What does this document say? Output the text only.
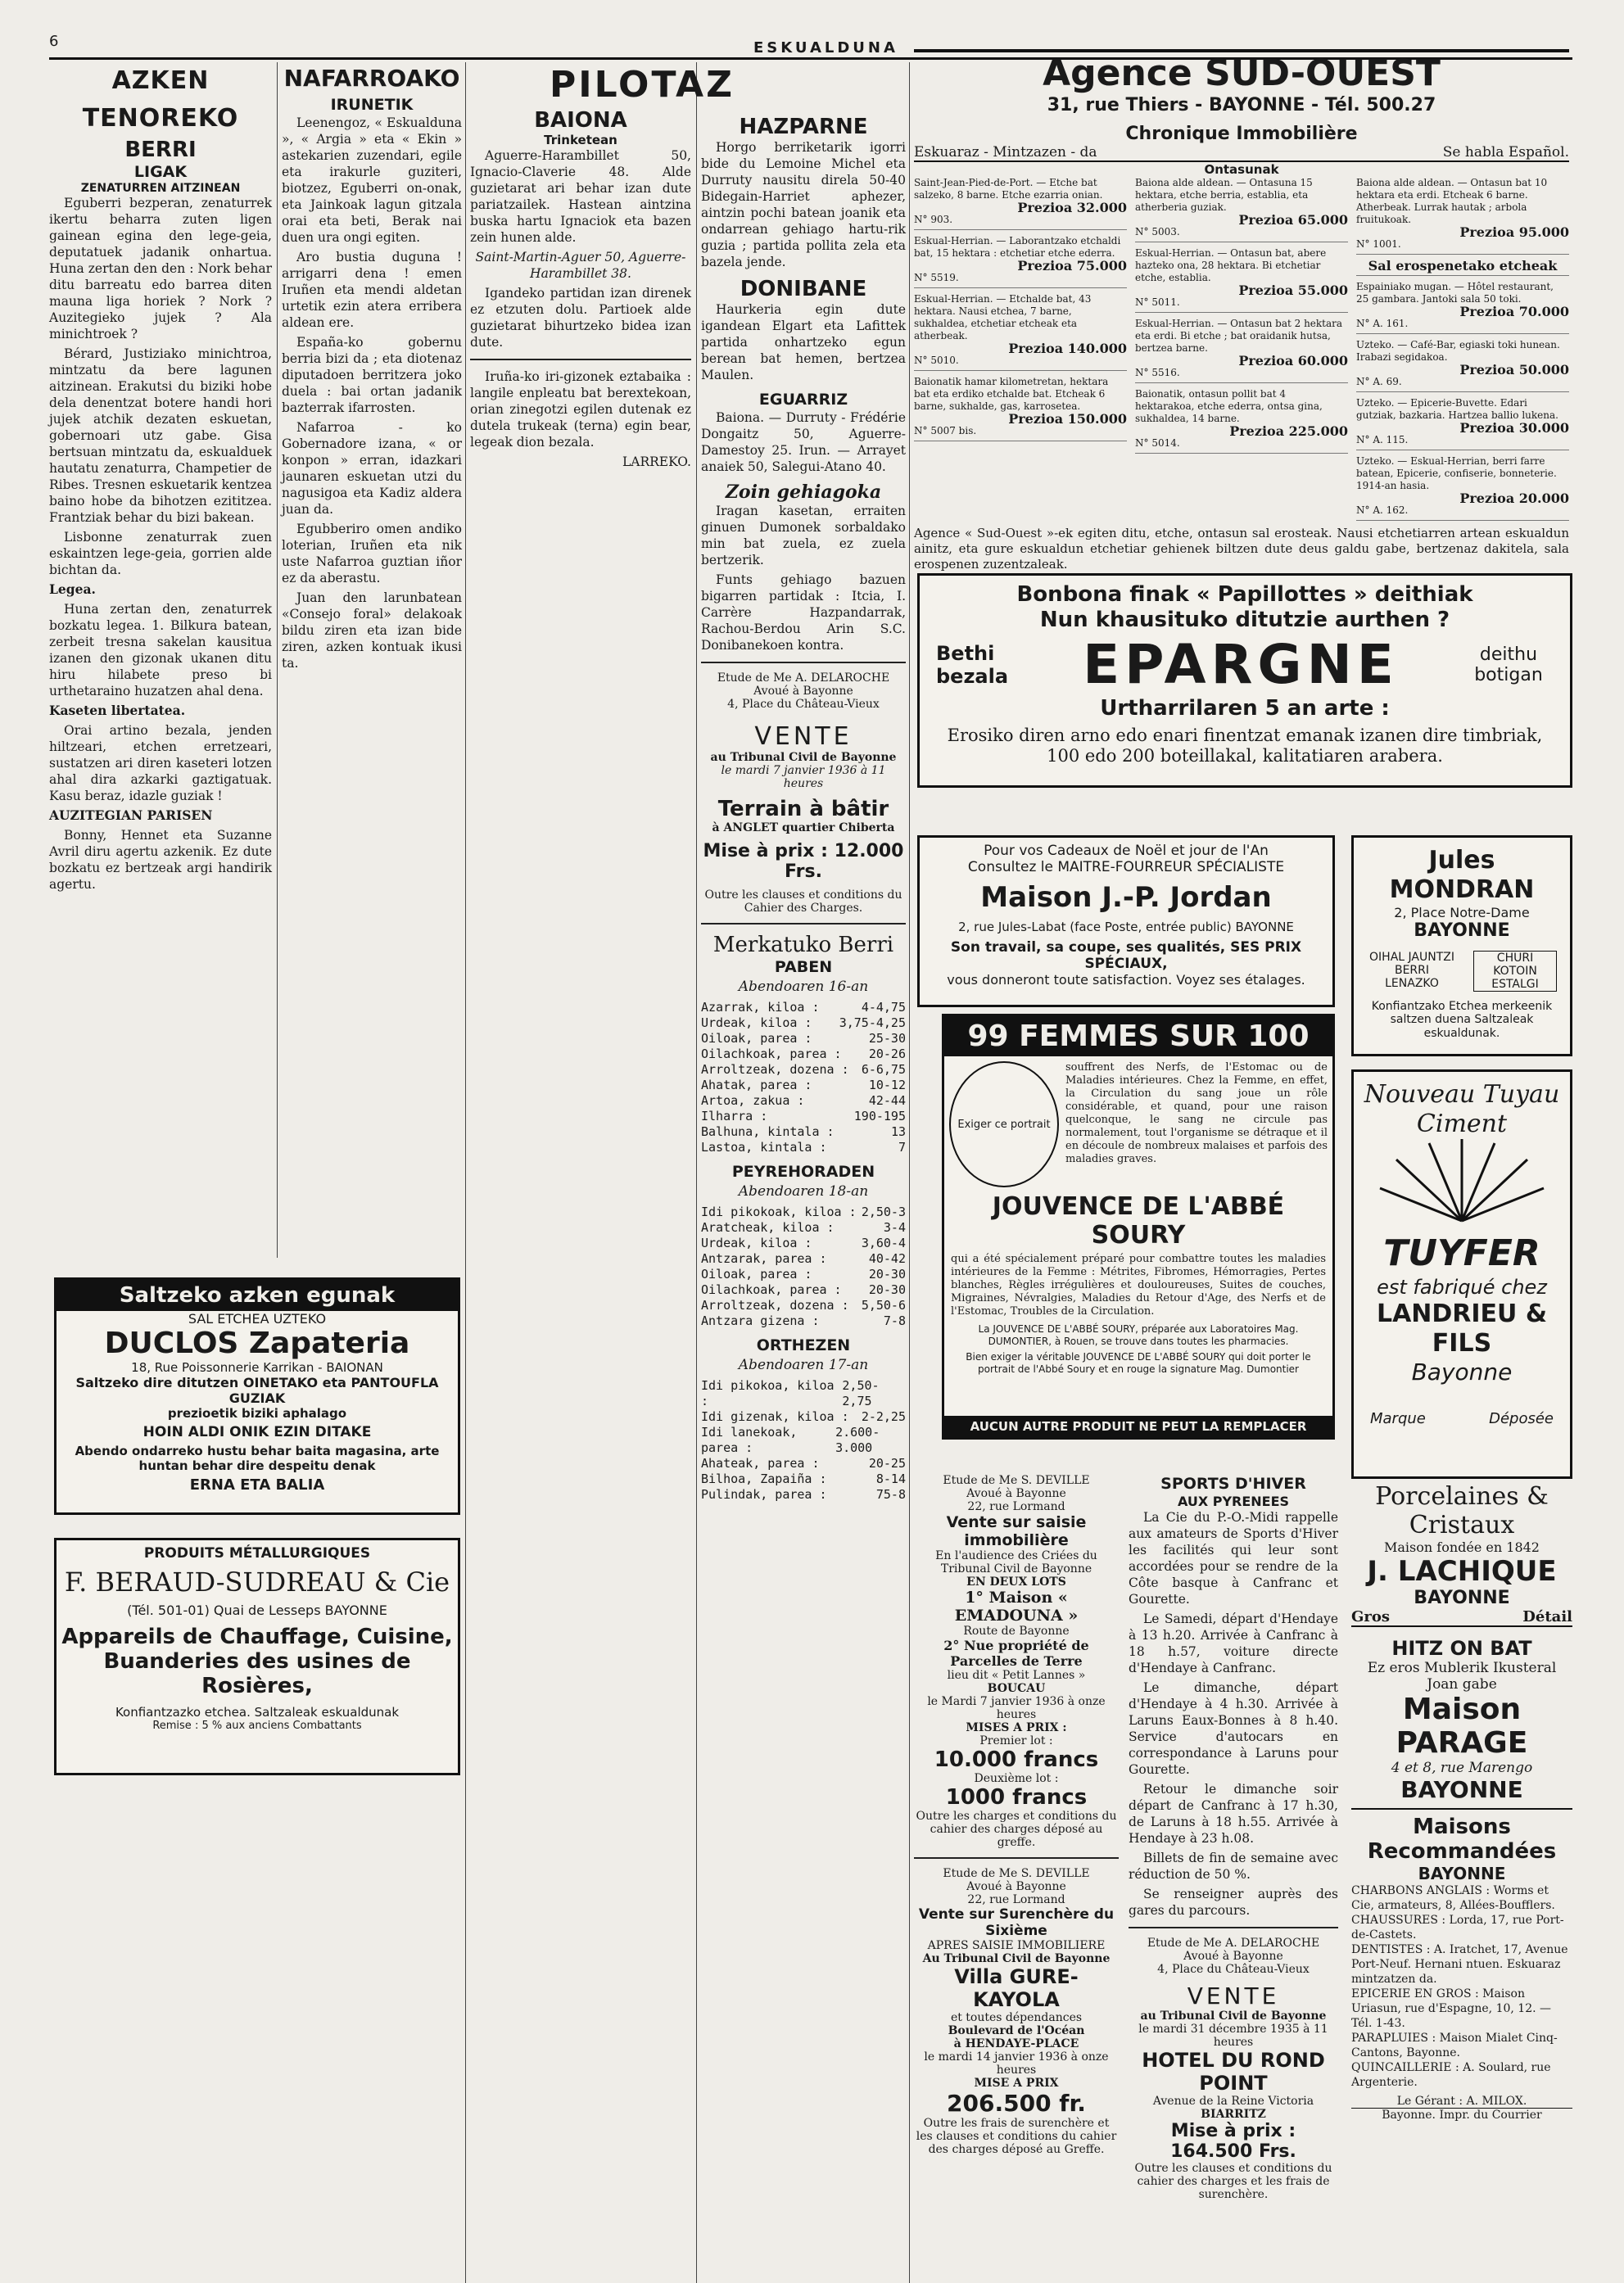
6	ESKUALDUNA
AZKEN TENOREKO
BERRI
LIGAK
ZENATURREN AITZINEAN

Eguberri bezperan, zenaturrek ikertu beharra zuten ligen gainean egina den lege-geia, deputatuek jadanik onhartua. Huna zertan den den : Nork behar ditu barreatu edo barrea diten mauna liga horiek ? Nork ? Auzitegieko jujek ? Ala minichtroek ?

Bérard, Justiziako minichtroa, mintzatu da bere lagunen aitzinean. Erakutsi du biziki hobe dela denentzat botere handi hori jujek atchik dezaten eskuetan, gobernoari utz gabe. Gisa bertsuan mintzatu da, eskualduek hautatu zenaturra, Champetier de Ribes. Tresnen eskuetarik kentzea baino hobe da bihotzen ezititzea. Frantziak behar du bizi bakean.

Lisbonne zenaturrak zuen eskaintzen lege-geia, gorrien alde bichtan da.

Legea.

Huna zertan den, zenaturrek bozkatu legea. 1. Bilkura batean, zerbeit tresna sakelan kausitua izanen den gizonak ukanen ditu hiru hilabete preso bi urthetaraino huzatzen ahal dena.

Kaseten libertatea.

Orai artino bezala, jenden hiltzeari, etchen erretzeari, sustatzen ari diren kaseteri lotzen ahal dira azkarki gaztigatuak. Kasu beraz, idazle guziak !

AUZITEGIAN PARISEN

Bonny, Hennet eta Suzanne Avril diru agertu azkenik. Ez dute bozkatu ez bertzeak argi handirik agertu.

NAFARROAKO
IRUNETIK

Leenengoz, « Eskualduna », « Argia » eta « Ekin » astekarien zuzendari, egile eta irakurle guziteri, biotzez, Eguberri on-onak, eta Jainkoak lagun gitzala orai eta beti, Berak nai duen ura ongi egiten.

Aro bustia duguna ! arrigarri dena ! emen Iruñen eta mendi aldetan urtetik ezin atera erribera aldean ere.

España-ko gobernu berria bizi da ; eta diotenaz diputadoen berritzera joko duela : bai ortan jadanik bazterrak ifarrosten.

Nafarroa - ko Gobernadore izana, « or konpon » erran, idazkari jaunaren eskuetan utzi du nagusigoa eta Kadiz aldera juan da.

Egubberiro omen andiko loterian, Iruñen eta nik uste Nafarroa guztian iñor ez da aberastu.

Juan den larunbatean «Consejo foral» delakoak bildu ziren eta izan bide ziren, azken kontuak ikusi ta.

PILOTAZ
BAIONA
Trinketean

Aguerre-Harambillet 50, Ignacio-Claverie 48. Alde guzietarat ari behar izan dute pariatzailek. Hastean aintzina buska hartu Ignaciok eta bazen zein hunen alde.

Saint-Martin-Aguer 50, Aguerre-Harambillet 38.

Igandeko partidan izan direnek ez etzuten dolu. Partioek alde guzietarat bihurtzeko bidea izan dute.

Iruña-ko iri-gizonek eztabaika : langile enpleatu bat berextekoan, orian zinegotzi egilen dutenak ez dutela trukeak (terna) egin bear, legeak dion bezala.

LARREKO.

HAZPARNE

Horgo berriketarik igorri bide du Lemoine Michel eta Durruty nausitu direla 50-40 Bidegain-Harriet aphezer, aintzin pochi batean joanik eta ondarrean gehiago hartu-rik guzia ; partida pollita zela eta bazela jende.

DONIBANE

Haurkeria egin dute igandean Elgart eta Lafittek partida onhartzeko egun berean bat hemen, bertzea Maulen.

EGUARRIZ

Baiona. — Durruty - Frédérie Dongaitz 50, Aguerre-Damestoy 25. Irun. — Arrayet anaiek 50, Salegui-Atano 40.

Zoin gehiagoka

Iragan kasetan, erraiten ginuen Dumonek sorbaldako min bat zuela, ez zuela bertzerik.

Funts gehiago bazuen bigarren partidak : Itcia, I. Carrère Hazpandarrak, Rachou-Berdou Arin S.C. Donibanekoen kontra.

Etude de Me A. DELAROCHE
Avoué à Bayonne
4, Place du Château-Vieux
VENTE
au Tribunal Civil de Bayonne
le mardi 7 janvier 1936 à 11 heures
Terrain à bâtir
à ANGLET quartier Chiberta
Mise à prix : 12.000 Frs.
Outre les clauses et conditions du Cahier des Charges.
Merkatuko Berri
PABEN
Abendoaren 16-an
Azarrak, kiloa :	4-4,75
Urdeak, kiloa : 3,75-4,25
Oiloak, parea :	25-30
Oilachkoak, parea : 20-26
Arroltzeak, dozena : 6-6,75
Ahatak, parea :	10-12
Artoa, zakua :	42-44
Ilharra :	190-195
Balhuna, kintala :	13
Lastoa, kintala :	7
PEYREHORADEN
Abendoaren 18-an
Idi pikokoak, kiloa : 2,50-3
Aratcheak, kiloa :	3-4
Urdeak, kiloa :	3,60-4
Antzarak, parea :	40-42
Oiloak, parea :	20-30
Oilachkoak, parea : 20-30
Arroltzeak, dozena : 5,50-6
Antzara gizena :	7-8
ORTHEZEN
Abendoaren 17-an
Idi pikokoa, kiloa :
2,50-2,75
Idi gizenak, kiloa : 2-2,25
Idi lanekoak, parea :
2.600-3.000
Ahateak, parea :	20-25
Bilhoa, Zapaiña :	8-14
Pulindak, parea :	75-8
Agence SUD-OUEST
31, rue Thiers - BAYONNE - Tél. 500.27
Chronique Immobilière
Eskuaraz - Mintzazen - da	Se habla Español.
Ontasunak
Saint-Jean-Pied-de-Port. — Etche bat salzeko, 8 barne. Etche ezarria onian.
Prezioa 32.000
N° 903.
Eskual-Herrian. — Laborantzako etchaldi bat, 15 hektara : etchetiar etche ederra.
Prezioa 75.000
N° 5519.
Eskual-Herrian. — Etchalde bat, 43 hektara. Nausi etchea, 7 barne, sukhaldea, etchetiar etcheak eta atherbeak.
Prezioa 140.000
N° 5010.
Baionatik hamar kilometretan, hektara bat eta erdiko etchalde bat. Etcheak 6 barne, sukhalde, gas, karrosetea.
Prezioa 150.000
N° 5007 bis.
Baiona alde aldean. — Ontasuna 15 hektara, etche berria, establia, eta atherberia guziak.
Prezioa 65.000
N° 5003.
Eskual-Herrian. — Ontasun bat, abere hazteko ona, 28 hektara. Bi etchetiar etche, establia.
Prezioa 55.000
N° 5011.
Eskual-Herrian. — Ontasun bat 2 hektara eta erdi. Bi etche ; bat oraidanik hutsa, bertzea barne.
Prezioa 60.000
N° 5516.
Baionatik, ontasun pollit bat 4 hektarakoa, etche ederra, ontsa gina, sukhaldea, 14 barne.
Prezioa 225.000
N° 5014.
Baiona alde aldean. — Ontasun bat 10 hektara eta erdi. Etcheak 6 barne. Atherbeak. Lurrak hautak ; arbola fruitukoak.
Prezioa 95.000
N° 1001.
Sal erospenetako etcheak
Espainiako mugan. — Hôtel restaurant, 25 gambara. Jantoki sala 50 toki.
Prezioa 70.000
N° A. 161.
Uzteko. — Café-Bar, egiaski toki hunean. Irabazi segidakoa.
Prezioa 50.000
N° A. 69.
Uzteko. — Epicerie-Buvette. Edari gutziak, bazkaria. Hartzea ballio lukena.
Prezioa 30.000
N° A. 115.
Uzteko. — Eskual-Herrian, berri farre batean, Epicerie, confiserie, bonneterie. 1914-an hasia.
Prezioa 20.000
N° A. 162.
Agence « Sud-Ouest »-ek egiten ditu, etche, ontasun sal erosteak. Nausi etchetiarren artean eskualdun ainitz, eta gure eskualdun etchetiar gehienek biltzen dute deus galdu gabe, bertzenaz dakitela, sala erospenen zuzentzaleak.
Bonbona finak « Papillottes » deithiak
Nun khausituko ditutzie aurthen ?
Bethi bezala EPARGNE	deithu botigan
Urtharrilaren 5 an arte :
Erosiko diren arno edo enari finentzat emanak izanen dire timbriak, 100 edo 200 boteillakal, kalitatiaren arabera.
Pour vos Cadeaux de Noël et jour de l'An
Consultez le MAITRE-FOURREUR SPÉCIALISTE
Maison J.-P. Jordan
2, rue Jules-Labat (face Poste, entrée public) BAYONNE
Son travail, sa coupe, ses qualités, SES PRIX SPÉCIAUX,
vous donneront toute satisfaction. Voyez ses étalages.
Jules MONDRAN
2, Place Notre-Dame
BAYONNE
OIHAL JAUNTZI BERRI LENAZKO
CHURI KOTOIN ESTALGI
Konfiantzako Etchea merkeenik saltzen duena Saltzaleak eskualdunak.
99 FEMMES SUR 100
Exiger ce portrait
souffrent des Nerfs, de l'Estomac ou de Maladies intérieures. Chez la Femme, en effet, la Circulation du sang joue un rôle considérable, et quand, pour une raison quelconque, le sang ne circule pas normalement, tout l'organisme se détraque et il en découle de nombreux malaises et parfois des maladies graves.
JOUVENCE DE L'ABBÉ SOURY
qui a été spécialement préparé pour combattre toutes les maladies intérieures de la Femme : Métrites, Fibromes, Hémorragies, Pertes blanches, Règles irrégulières et douloureuses, Suites de couches, Migraines, Névralgies, Maladies du Retour d'Age, des Nerfs et de l'Estomac, Troubles de la Circulation.
La JOUVENCE DE L'ABBÉ SOURY, préparée aux Laboratoires Mag. DUMONTIER, à Rouen, se trouve dans toutes les pharmacies.
Bien exiger la véritable JOUVENCE DE L'ABBÉ SOURY qui doit porter le portrait de l'Abbé Soury et en rouge la signature Mag. Dumontier
AUCUN AUTRE PRODUIT NE PEUT LA REMPLACER
Nouveau Tuyau Ciment
TUYFER
est fabriqué chez
LANDRIEU & FILS
Bayonne
Marque	Déposée
Porcelaines & Cristaux
Maison fondée en 1842
J. LACHIQUE
BAYONNE
Gros	Détail
HITZ ON BAT
Ez eros Mublerik Ikusteral Joan gabe
Maison PARAGE
4 et 8, rue Marengo
BAYONNE
Maisons Recommandées
BAYONNE
CHARBONS ANGLAIS : Worms et Cie, armateurs, 8, Allées-Boufflers.
CHAUSSURES : Lorda, 17, rue Port-de-Castets.
DENTISTES : A. Iratchet, 17, Avenue Port-Neuf. Hernani ntuen. Eskuaraz mintzatzen da.
EPICERIE EN GROS : Maison Uriasun, rue d'Espagne, 10, 12. — Tél. 1-43.
PARAPLUIES : Maison Mialet Cinq-Cantons, Bayonne.
QUINCAILLERIE : A. Soulard, rue Argenterie.
Le Gérant : A. MILOX.
Bayonne. Impr. du Courrier
Saltzeko azken egunak
SAL ETCHEA UZTEKO
DUCLOS Zapateria
18, Rue Poissonnerie Karrikan - BAIONAN
Saltzeko dire ditutzen OINETAKO eta PANTOUFLA GUZIAK
prezioetik biziki aphalago
HOIN ALDI ONIK EZIN DITAKE
Abendo ondarreko hustu behar baita magasina, arte huntan behar dire despeitu denak
ERNA ETA BALIA
PRODUITS MÉTALLURGIQUES
F. BERAUD-SUDREAU & Cie
(Tél. 501-01) Quai de Lesseps BAYONNE
Appareils de Chauffage, Cuisine,
Buanderies des usines de Rosières,
Konfiantzazko etchea. Saltzaleak eskualdunak
Remise : 5 % aux anciens Combattants
Etude de Me S. DEVILLE
Avoué à Bayonne
22, rue Lormand
Vente sur saisie immobilière
En l'audience des Criées du Tribunal Civil de Bayonne
EN DEUX LOTS
1° Maison « EMADOUNA »
Route de Bayonne
2° Nue propriété de Parcelles de Terre
lieu dit « Petit Lannes »
BOUCAU
le Mardi 7 janvier 1936 à onze heures
MISES A PRIX :
Premier lot :
10.000 francs
Deuxième lot :
1000 francs
Outre les charges et conditions du cahier des charges déposé au greffe.
Etude de Me S. DEVILLE
Avoué à Bayonne
22, rue Lormand
Vente sur Surenchère du Sixième
APRES SAISIE IMMOBILIERE
Au Tribunal Civil de Bayonne
Villa GURE-KAYOLA
et toutes dépendances
Boulevard de l'Océan
à HENDAYE-PLACE
le mardi 14 janvier 1936 à onze heures
MISE A PRIX
206.500 fr.
Outre les frais de surenchère et les clauses et conditions du cahier des charges déposé au Greffe.
SPORTS D'HIVER
AUX PYRENEES

La Cie du P.-O.-Midi rappelle aux amateurs de Sports d'Hiver les facilités qui leur sont accordées pour se rendre de la Côte basque à Canfranc et Gourette.

Le Samedi, départ d'Hendaye à 13 h.20. Arrivée à Canfranc à 18 h.57, voiture directe d'Hendaye à Canfranc.

Le dimanche, départ d'Hendaye à 4 h.30. Arrivée à Laruns Eaux-Bonnes à 8 h.40. Service d'autocars en correspondance à Laruns pour Gourette.

Retour le dimanche soir départ de Canfranc à 17 h.30, de Laruns à 18 h.55. Arrivée à Hendaye à 23 h.08.

Billets de fin de semaine avec réduction de 50 %.

Se renseigner auprès des gares du parcours.

Etude de Me A. DELAROCHE
Avoué à Bayonne
4, Place du Château-Vieux
VENTE
au Tribunal Civil de Bayonne
le mardi 31 décembre 1935 à 11 heures
HOTEL DU ROND POINT
Avenue de la Reine Victoria
BIARRITZ
Mise à prix : 164.500 Frs.
Outre les clauses et conditions du cahier des charges et les frais de surenchère.
